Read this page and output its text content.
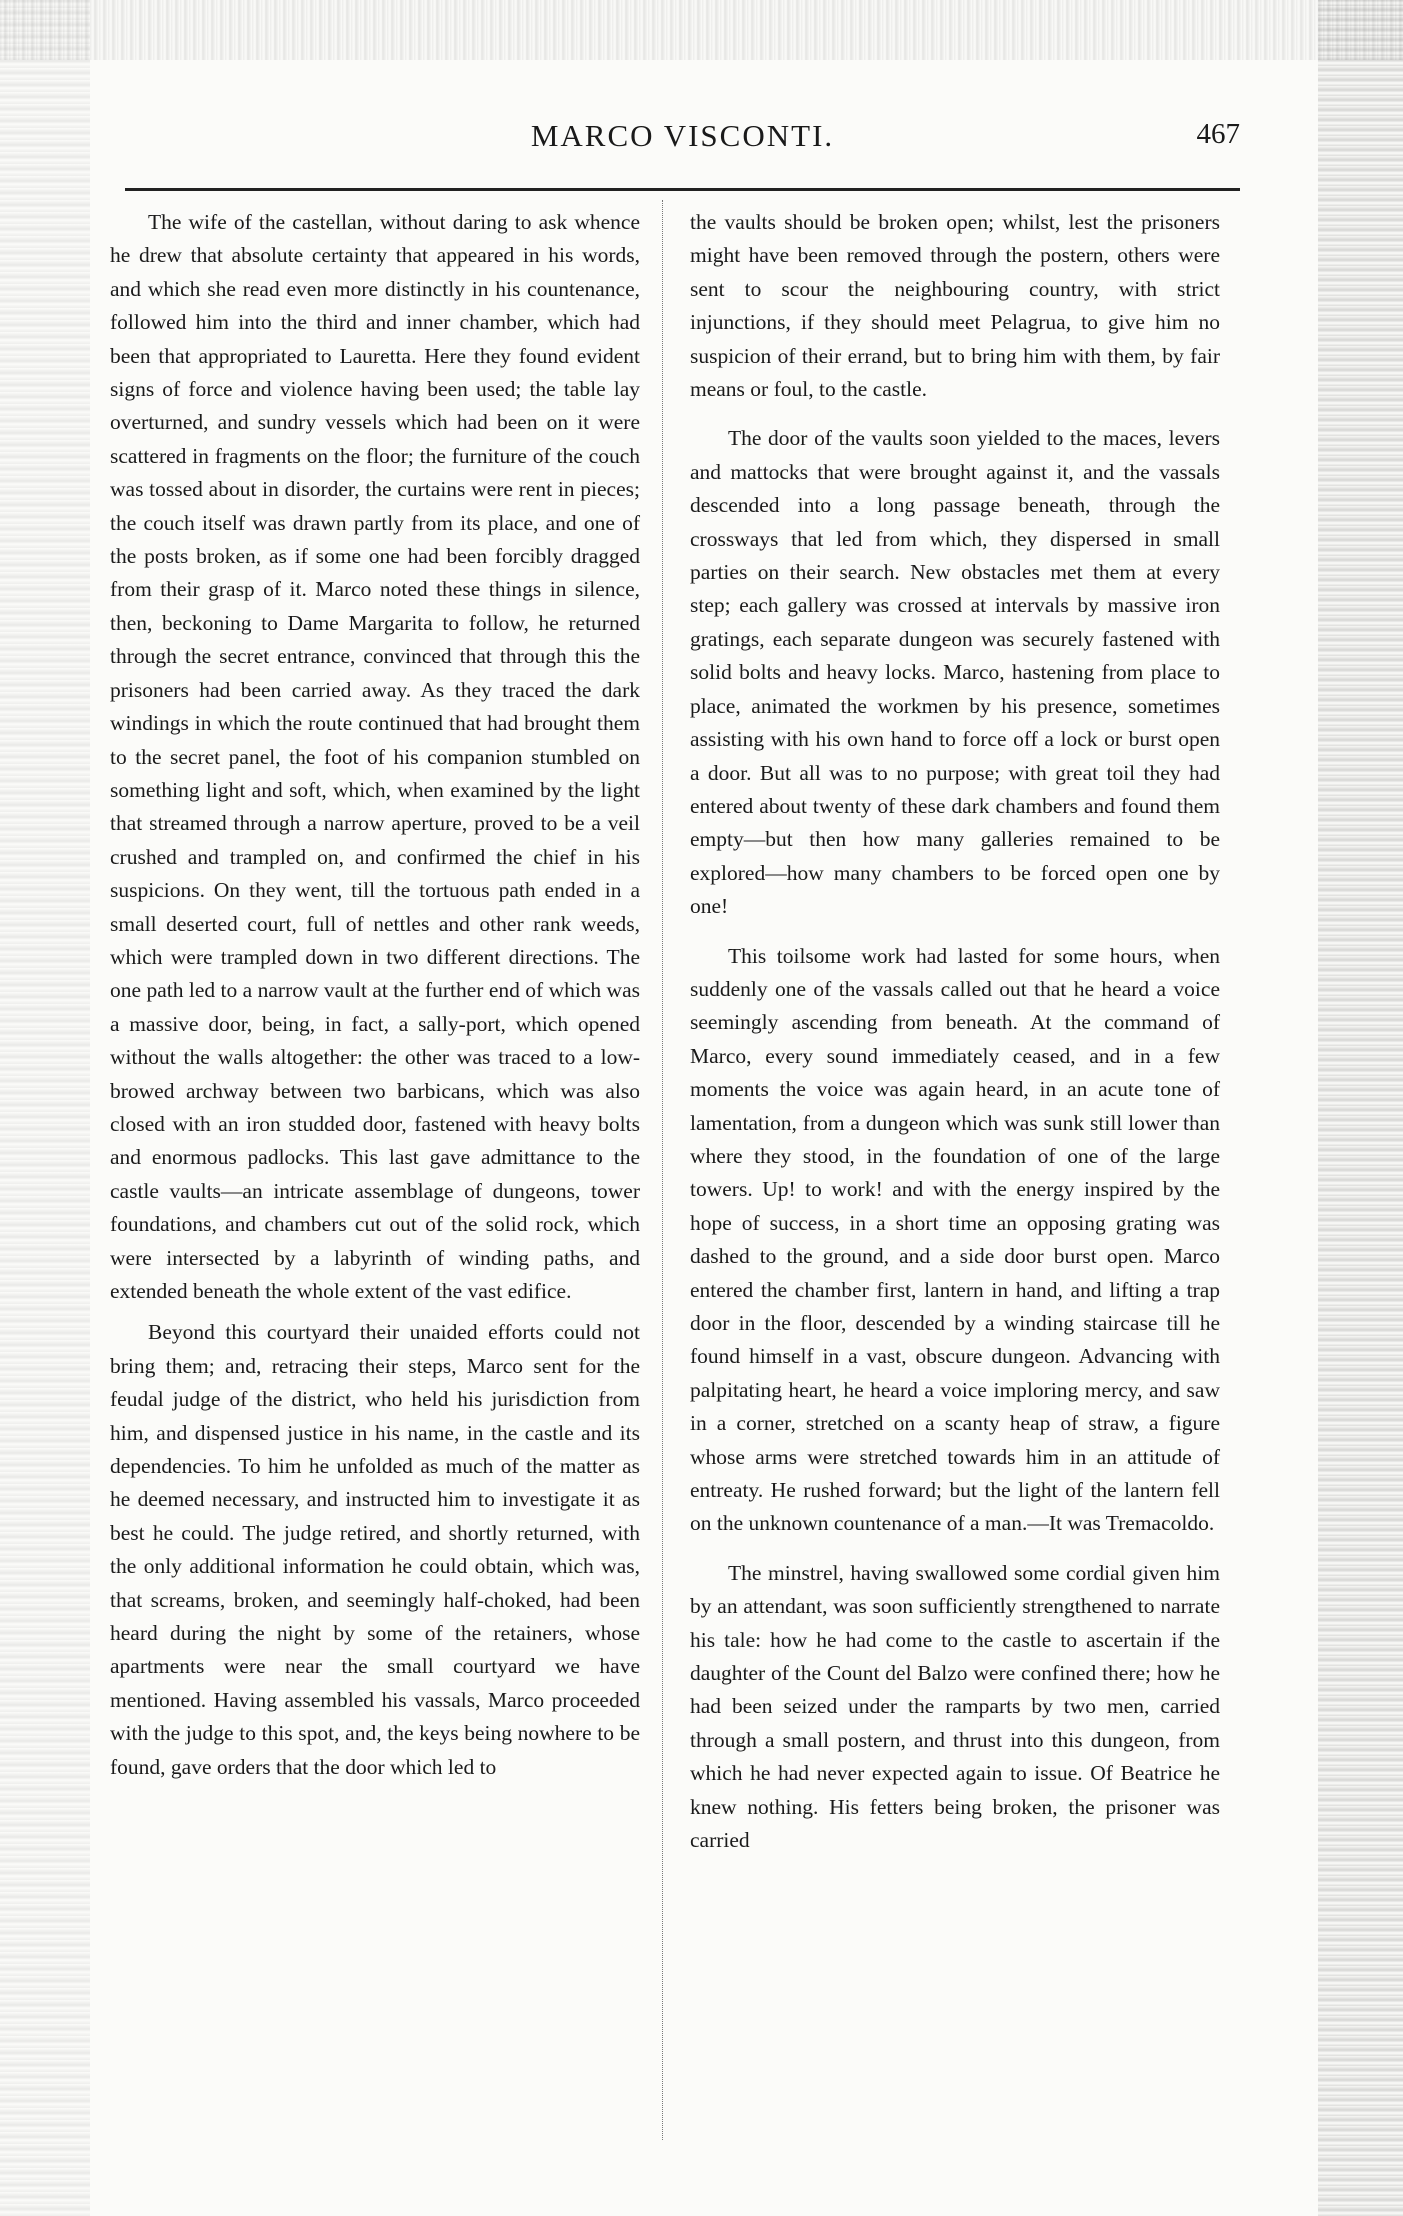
MARCO VISCONTI.	467

The wife of the castellan, without daring to ask whence he drew that absolute certainty that appeared in his words, and which she read even more distinctly in his countenance, followed him into the third and inner chamber, which had been that appropriated to Lauretta. Here they found evident signs of force and violence having been used; the table lay overturned, and sundry vessels which had been on it were scattered in fragments on the floor; the furniture of the couch was tossed about in disorder, the curtains were rent in pieces; the couch itself was drawn partly from its place, and one of the posts broken, as if some one had been forcibly dragged from their grasp of it. Marco noted these things in silence, then, beckoning to Dame Margarita to follow, he returned through the secret entrance, convinced that through this the prisoners had been carried away. As they traced the dark windings in which the route continued that had brought them to the secret panel, the foot of his companion stumbled on something light and soft, which, when examined by the light that streamed through a narrow aperture, proved to be a veil crushed and trampled on, and confirmed the chief in his suspicions. On they went, till the tortuous path ended in a small deserted court, full of nettles and other rank weeds, which were trampled down in two different directions. The one path led to a narrow vault at the further end of which was a massive door, being, in fact, a sally-port, which opened without the walls altogether: the other was traced to a low-browed archway between two barbicans, which was also closed with an iron studded door, fastened with heavy bolts and enormous padlocks. This last gave admittance to the castle vaults—an intricate assemblage of dungeons, tower foundations, and chambers cut out of the solid rock, which were intersected by a labyrinth of winding paths, and extended beneath the whole extent of the vast edifice.

Beyond this courtyard their unaided efforts could not bring them; and, retracing their steps, Marco sent for the feudal judge of the district, who held his jurisdiction from him, and dispensed justice in his name, in the castle and its dependencies. To him he unfolded as much of the matter as he deemed necessary, and instructed him to investigate it as best he could. The judge retired, and shortly returned, with the only additional information he could obtain, which was, that screams, broken, and seemingly half-choked, had been heard during the night by some of the retainers, whose apartments were near the small courtyard we have mentioned. Having assembled his vassals, Marco proceeded with the judge to this spot, and, the keys being nowhere to be found, gave orders that the door which led to

the vaults should be broken open; whilst, lest the prisoners might have been removed through the postern, others were sent to scour the neighbouring country, with strict injunctions, if they should meet Pelagrua, to give him no suspicion of their errand, but to bring him with them, by fair means or foul, to the castle.

The door of the vaults soon yielded to the maces, levers and mattocks that were brought against it, and the vassals descended into a long passage beneath, through the crossways that led from which, they dispersed in small parties on their search. New obstacles met them at every step; each gallery was crossed at intervals by massive iron gratings, each separate dungeon was securely fastened with solid bolts and heavy locks. Marco, hastening from place to place, animated the workmen by his presence, sometimes assisting with his own hand to force off a lock or burst open a door. But all was to no purpose; with great toil they had entered about twenty of these dark chambers and found them empty—but then how many galleries remained to be explored—how many chambers to be forced open one by one!

This toilsome work had lasted for some hours, when suddenly one of the vassals called out that he heard a voice seemingly ascending from beneath. At the command of Marco, every sound immediately ceased, and in a few moments the voice was again heard, in an acute tone of lamentation, from a dungeon which was sunk still lower than where they stood, in the foundation of one of the large towers. Up! to work! and with the energy inspired by the hope of success, in a short time an opposing grating was dashed to the ground, and a side door burst open. Marco entered the chamber first, lantern in hand, and lifting a trap door in the floor, descended by a winding staircase till he found himself in a vast, obscure dungeon. Advancing with palpitating heart, he heard a voice imploring mercy, and saw in a corner, stretched on a scanty heap of straw, a figure whose arms were stretched towards him in an attitude of entreaty. He rushed forward; but the light of the lantern fell on the unknown countenance of a man.—It was Tremacoldo.

The minstrel, having swallowed some cordial given him by an attendant, was soon sufficiently strengthened to narrate his tale: how he had come to the castle to ascertain if the daughter of the Count del Balzo were confined there; how he had been seized under the ramparts by two men, carried through a small postern, and thrust into this dungeon, from which he had never expected again to issue. Of Beatrice he knew nothing. His fetters being broken, the prisoner was carried
